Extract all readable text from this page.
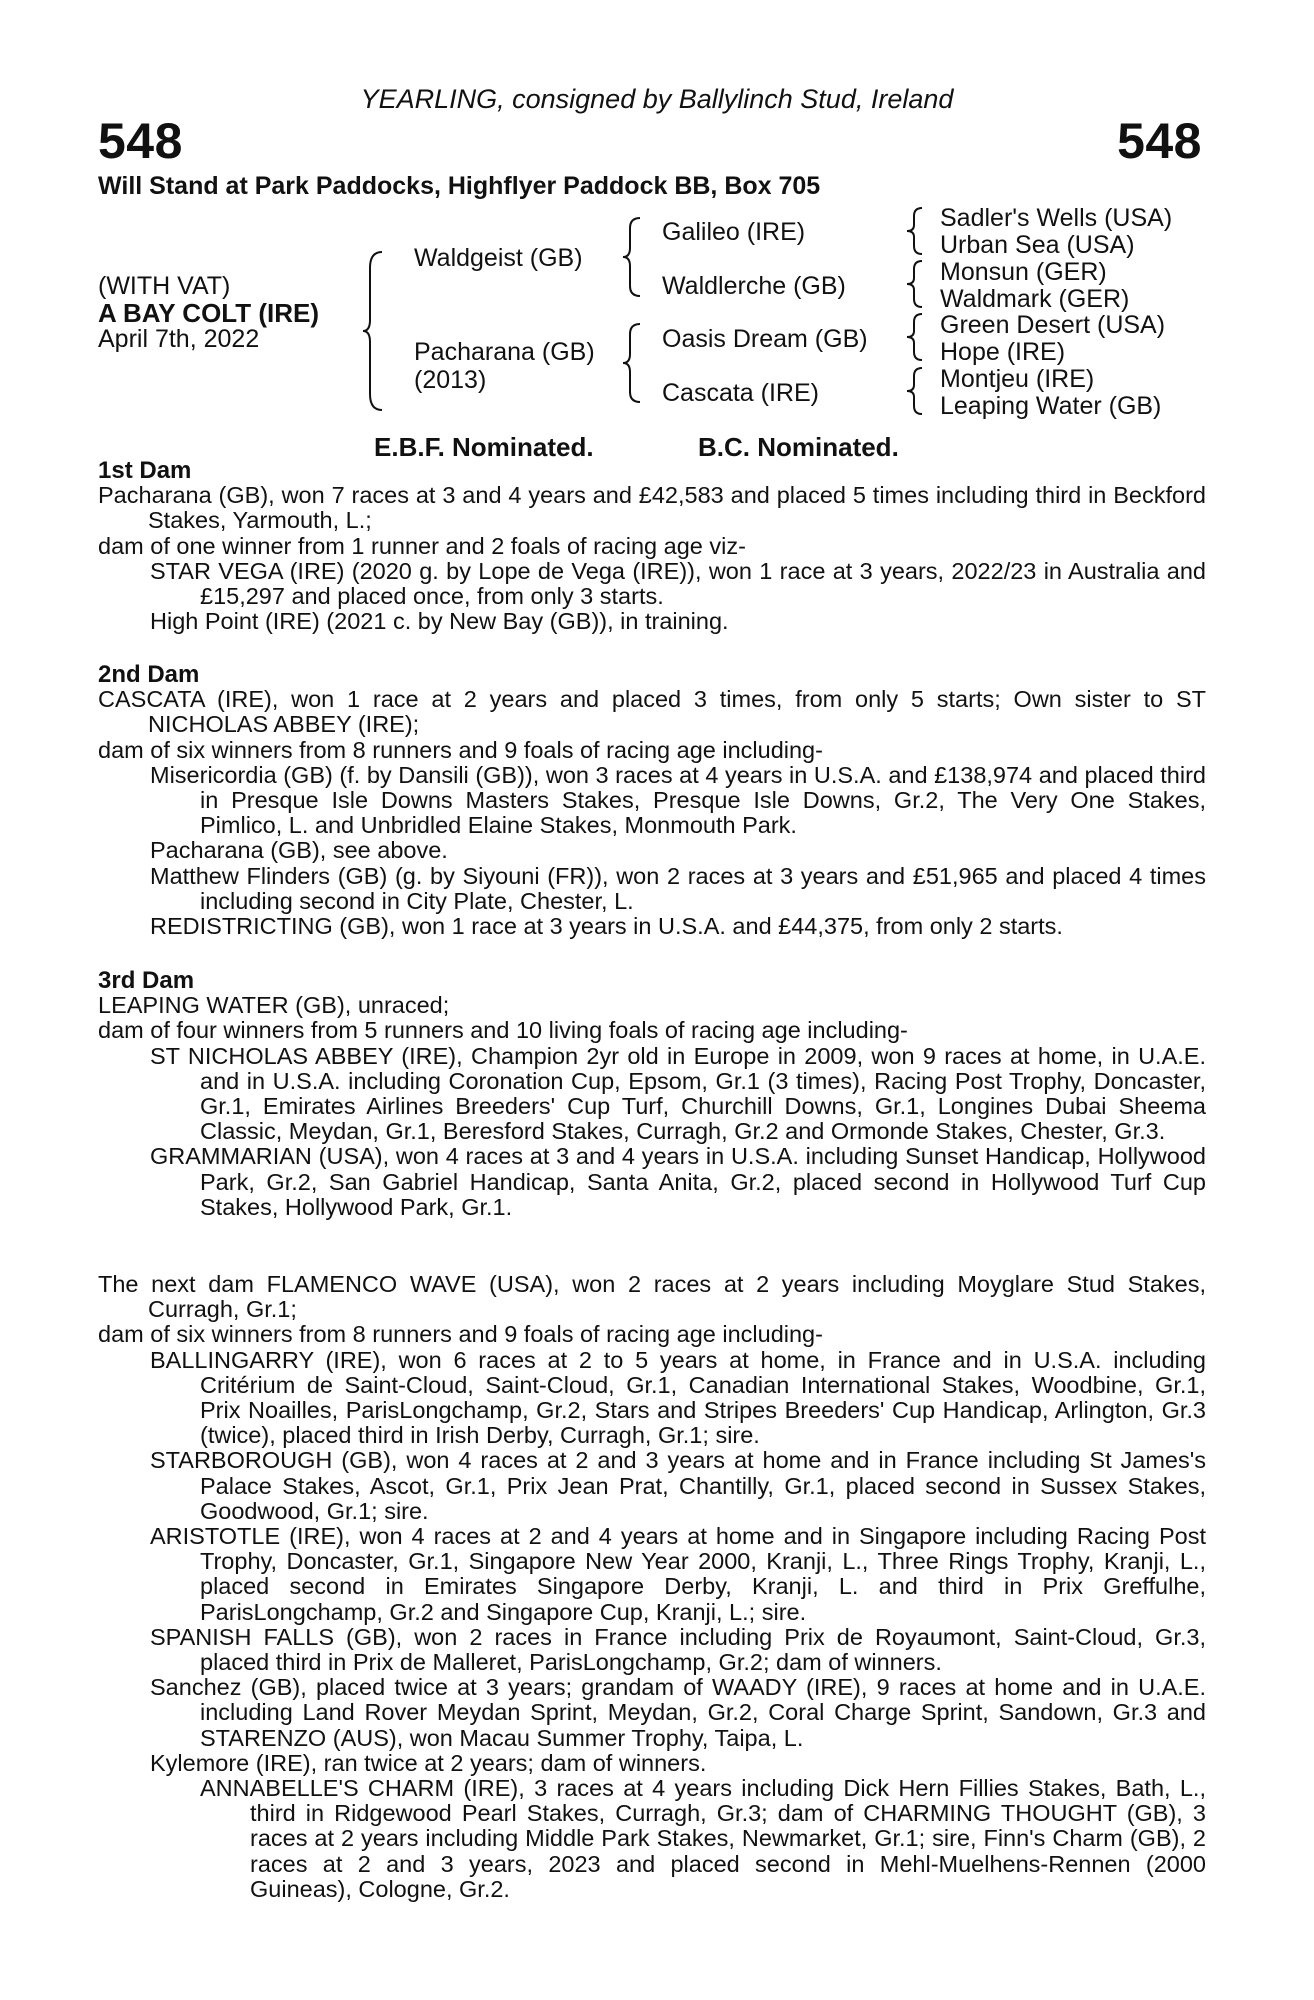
YEARLING, consigned by Ballylinch Stud, Ireland
548	548
Will Stand at Park Paddocks, Highflyer Paddock BB, Box 705
(WITH VAT)
A BAY COLT (IRE)
April 7th, 2022
Waldgeist (GB)
Pacharana (GB)
(2013)
Galileo (IRE)
Waldlerche (GB)
Oasis Dream (GB)
Cascata (IRE)
Sadler's Wells (USA)
Urban Sea (USA)
Monsun (GER)
Waldmark (GER)
Green Desert (USA)
Hope (IRE)
Montjeu (IRE)
Leaping Water (GB)
E.B.F. Nominated.	B.C. Nominated.

1st Dam

Pacharana (GB), won 7 races at 3 and 4 years and £42,583 and placed 5 times including third in Beckford Stakes, Yarmouth, L.;

dam of one winner from 1 runner and 2 foals of racing age viz-

STAR VEGA (IRE) (2020 g. by Lope de Vega (IRE)), won 1 race at 3 years, 2022/23 in Australia and £15,297 and placed once, from only 3 starts.

High Point (IRE) (2021 c. by New Bay (GB)), in training.

2nd Dam

CASCATA (IRE), won 1 race at 2 years and placed 3 times, from only 5 starts; Own sister to ST NICHOLAS ABBEY (IRE);

dam of six winners from 8 runners and 9 foals of racing age including-

Misericordia (GB) (f. by Dansili (GB)), won 3 races at 4 years in U.S.A. and £138,974 and placed third in Presque Isle Downs Masters Stakes, Presque Isle Downs, Gr.2, The Very One Stakes, Pimlico, L. and Unbridled Elaine Stakes, Monmouth Park.

Pacharana (GB), see above.

Matthew Flinders (GB) (g. by Siyouni (FR)), won 2 races at 3 years and £51,965 and placed 4 times including second in City Plate, Chester, L.

REDISTRICTING (GB), won 1 race at 3 years in U.S.A. and £44,375, from only 2 starts.

3rd Dam

LEAPING WATER (GB), unraced;

dam of four winners from 5 runners and 10 living foals of racing age including-

ST NICHOLAS ABBEY (IRE), Champion 2yr old in Europe in 2009, won 9 races at home, in U.A.E. and in U.S.A. including Coronation Cup, Epsom, Gr.1 (3 times), Racing Post Trophy, Doncaster, Gr.1, Emirates Airlines Breeders' Cup Turf, Churchill Downs, Gr.1, Longines Dubai Sheema Classic, Meydan, Gr.1, Beresford Stakes, Curragh, Gr.2 and Ormonde Stakes, Chester, Gr.3.

GRAMMARIAN (USA), won 4 races at 3 and 4 years in U.S.A. including Sunset Handicap, Hollywood Park, Gr.2, San Gabriel Handicap, Santa Anita, Gr.2, placed second in Hollywood Turf Cup Stakes, Hollywood Park, Gr.1.

The next dam FLAMENCO WAVE (USA), won 2 races at 2 years including Moyglare Stud Stakes, Curragh, Gr.1;

dam of six winners from 8 runners and 9 foals of racing age including-

BALLINGARRY (IRE), won 6 races at 2 to 5 years at home, in France and in U.S.A. including Critérium de Saint-Cloud, Saint-Cloud, Gr.1, Canadian International Stakes, Woodbine, Gr.1, Prix Noailles, ParisLongchamp, Gr.2, Stars and Stripes Breeders' Cup Handicap, Arlington, Gr.3 (twice), placed third in Irish Derby, Curragh, Gr.1; sire.

STARBOROUGH (GB), won 4 races at 2 and 3 years at home and in France including St James's Palace Stakes, Ascot, Gr.1, Prix Jean Prat, Chantilly, Gr.1, placed second in Sussex Stakes, Goodwood, Gr.1; sire.

ARISTOTLE (IRE), won 4 races at 2 and 4 years at home and in Singapore including Racing Post Trophy, Doncaster, Gr.1, Singapore New Year 2000, Kranji, L., Three Rings Trophy, Kranji, L., placed second in Emirates Singapore Derby, Kranji, L. and third in Prix Greffulhe, ParisLongchamp, Gr.2 and Singapore Cup, Kranji, L.; sire.

SPANISH FALLS (GB), won 2 races in France including Prix de Royaumont, Saint-Cloud, Gr.3, placed third in Prix de Malleret, ParisLongchamp, Gr.2; dam of winners.

Sanchez (GB), placed twice at 3 years; grandam of WAADY (IRE), 9 races at home and in U.A.E. including Land Rover Meydan Sprint, Meydan, Gr.2, Coral Charge Sprint, Sandown, Gr.3 and STARENZO (AUS), won Macau Summer Trophy, Taipa, L.

Kylemore (IRE), ran twice at 2 years; dam of winners.

ANNABELLE'S CHARM (IRE), 3 races at 4 years including Dick Hern Fillies Stakes, Bath, L., third in Ridgewood Pearl Stakes, Curragh, Gr.3; dam of CHARMING THOUGHT (GB), 3 races at 2 years including Middle Park Stakes, Newmarket, Gr.1; sire, Finn's Charm (GB), 2 races at 2 and 3 years, 2023 and placed second in Mehl-Muelhens-Rennen (2000 Guineas), Cologne, Gr.2.
